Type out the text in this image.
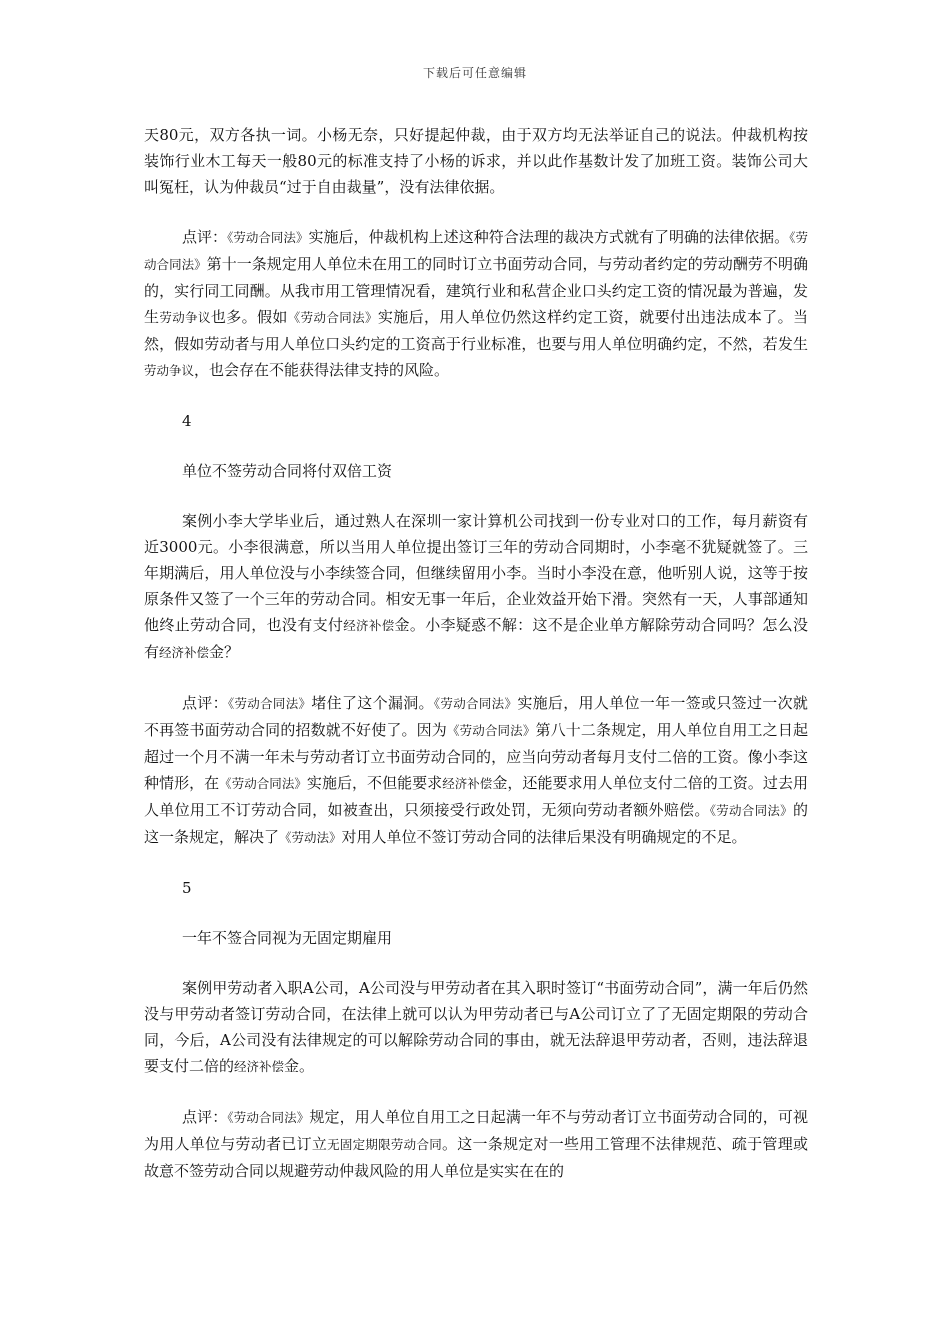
下载后可任意编辑

天80元，双方各执一词。小杨无奈，只好提起仲裁，由于双方均无法举证自己的说法。仲裁机构按装饰行业木工每天一般80元的标准支持了小杨的诉求，并以此作基数计发了加班工资。装饰公司大叫冤枉，认为仲裁员“过于自由裁量”，没有法律依据。

点评：《劳动合同法》实施后，仲裁机构上述这种符合法理的裁决方式就有了明确的法律依据。《劳动合同法》第十一条规定用人单位未在用工的同时订立书面劳动合同，与劳动者约定的劳动酬劳不明确的，实行同工同酬。从我市用工管理情况看，建筑行业和私营企业口头约定工资的情况最为普遍，发生劳动争议也多。假如《劳动合同法》实施后，用人单位仍然这样约定工资，就要付出违法成本了。当然，假如劳动者与用人单位口头约定的工资高于行业标准，也要与用人单位明确约定，不然，若发生劳动争议，也会存在不能获得法律支持的风险。

4
单位不签劳动合同将付双倍工资

案例小李大学毕业后，通过熟人在深圳一家计算机公司找到一份专业对口的工作，每月薪资有近3000元。小李很满意，所以当用人单位提出签订三年的劳动合同期时，小李毫不犹疑就签了。三年期满后，用人单位没与小李续签合同，但继续留用小李。当时小李没在意，他听别人说，这等于按原条件又签了一个三年的劳动合同。相安无事一年后，企业效益开始下滑。突然有一天，人事部通知他终止劳动合同，也没有支付经济补偿金。小李疑惑不解：这不是企业单方解除劳动合同吗？怎么没有经济补偿金？

点评：《劳动合同法》堵住了这个漏洞。《劳动合同法》实施后，用人单位一年一签或只签过一次就不再签书面劳动合同的招数就不好使了。因为《劳动合同法》第八十二条规定，用人单位自用工之日起超过一个月不满一年未与劳动者订立书面劳动合同的，应当向劳动者每月支付二倍的工资。像小李这种情形，在《劳动合同法》实施后，不但能要求经济补偿金，还能要求用人单位支付二倍的工资。过去用人单位用工不订劳动合同，如被查出，只须接受行政处罚，无须向劳动者额外赔偿。《劳动合同法》的这一条规定，解决了《劳动法》对用人单位不签订劳动合同的法律后果没有明确规定的不足。

5
一年不签合同视为无固定期雇用

案例甲劳动者入职A公司，A公司没与甲劳动者在其入职时签订“书面劳动合同”，满一年后仍然没与甲劳动者签订劳动合同，在法律上就可以认为甲劳动者已与A公司订立了了无固定期限的劳动合同，今后，A公司没有法律规定的可以解除劳动合同的事由，就无法辞退甲劳动者，否则，违法辞退要支付二倍的经济补偿金。

点评：《劳动合同法》规定，用人单位自用工之日起满一年不与劳动者订立书面劳动合同的，可视为用人单位与劳动者已订立无固定期限劳动合同。这一条规定对一些用工管理不法律规范、疏于管理或故意不签劳动合同以规避劳动仲裁风险的用人单位是实实在在的
